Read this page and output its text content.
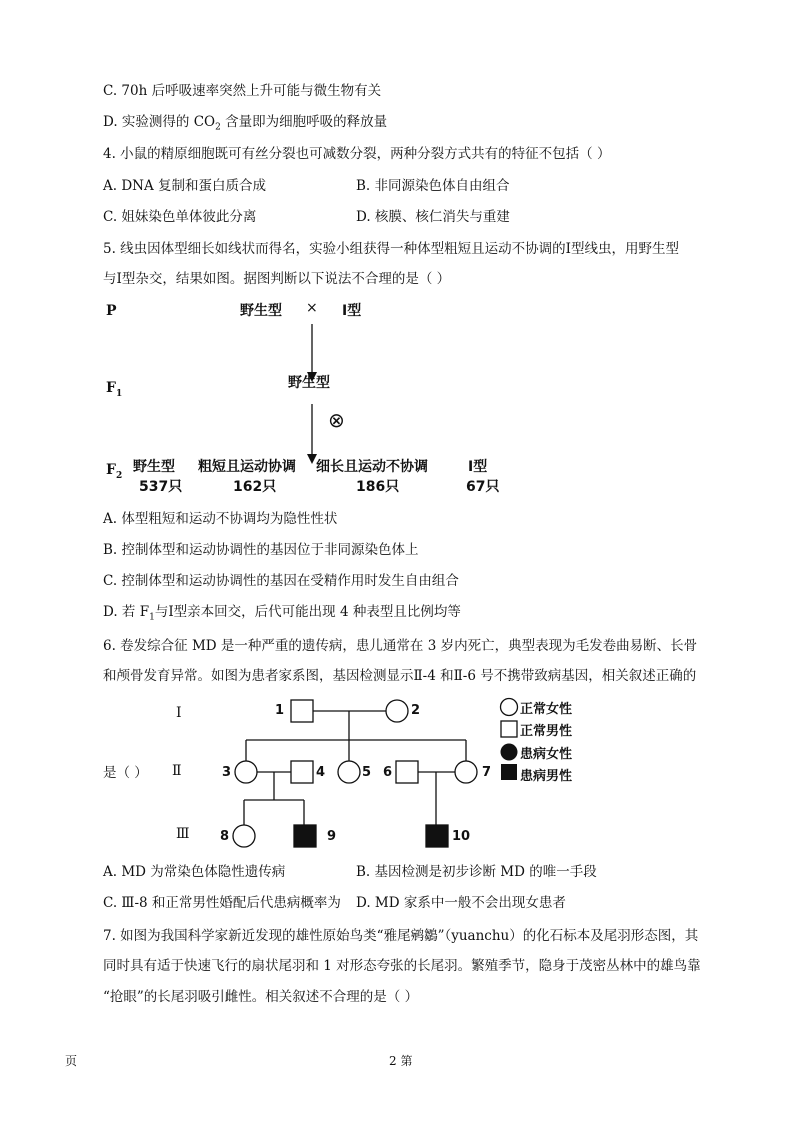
C. 70h 后呼吸速率突然上升可能与微生物有关
D. 实验测得的 $CO_2$ 含量即为细胞呼吸的释放量
4. 小鼠的精原细胞既可有丝分裂也可减数分裂，两种分裂方式共有的特征不包括（ ）
A. DNA 复制和蛋白质合成	B. 非同源染色体自由组合
C. 姐妹染色单体彼此分离	D. 核膜、核仁消失与重建
5. 线虫因体型细长如线状而得名，实验小组获得一种体型粗短且运动不协调的Ⅰ型线虫，用野生型
与Ⅰ型杂交，结果如图。据图判断以下说法不合理的是（ ）
P	野生型 × Ⅰ型
$F_1$
野生型
⊗
$F_2$
野生型
537只
粗短且运动协调
162只
细长且运动不协调
186只
Ⅰ型
67只
A. 体型粗短和运动不协调均为隐性性状
B. 控制体型和运动协调性的基因位于非同源染色体上
C. 控制体型和运动协调性的基因在受精作用时发生自由组合
D. 若 $F_1$与Ⅰ型亲本回交，后代可能出现 4 种表型且比例均等
6. 卷发综合征 MD 是一种严重的遗传病，患儿通常在 3 岁内死亡，典型表现为毛发卷曲易断、长骨
和颅骨发育异常。如图为患者家系图，基因检测显示Ⅱ-4 和Ⅱ-6 号不携带致病基因，相关叙述正确的
是（ ）
Ⅰ
Ⅱ
Ⅲ
1	2
3	4	5 6	7
8	9	10
正常女性
正常男性
患病女性
患病男性
A. MD 为常染色体隐性遗传病	B. 基因检测是初步诊断 MD 的唯一手段
C. Ⅲ-8 和正常男性婚配后代患病概率为 D. MD 家系中一般不会出现女患者
7. 如图为我国科学家新近发现的雄性原始鸟类“雅尾鹓鶵”（yuanchu）的化石标本及尾羽形态图，其
同时具有适于快速飞行的扇状尾羽和 1 对形态夸张的长尾羽。繁殖季节，隐身于茂密丛林中的雄鸟靠
“抢眼”的长尾羽吸引雌性。相关叙述不合理的是（ ）
页	2 第
